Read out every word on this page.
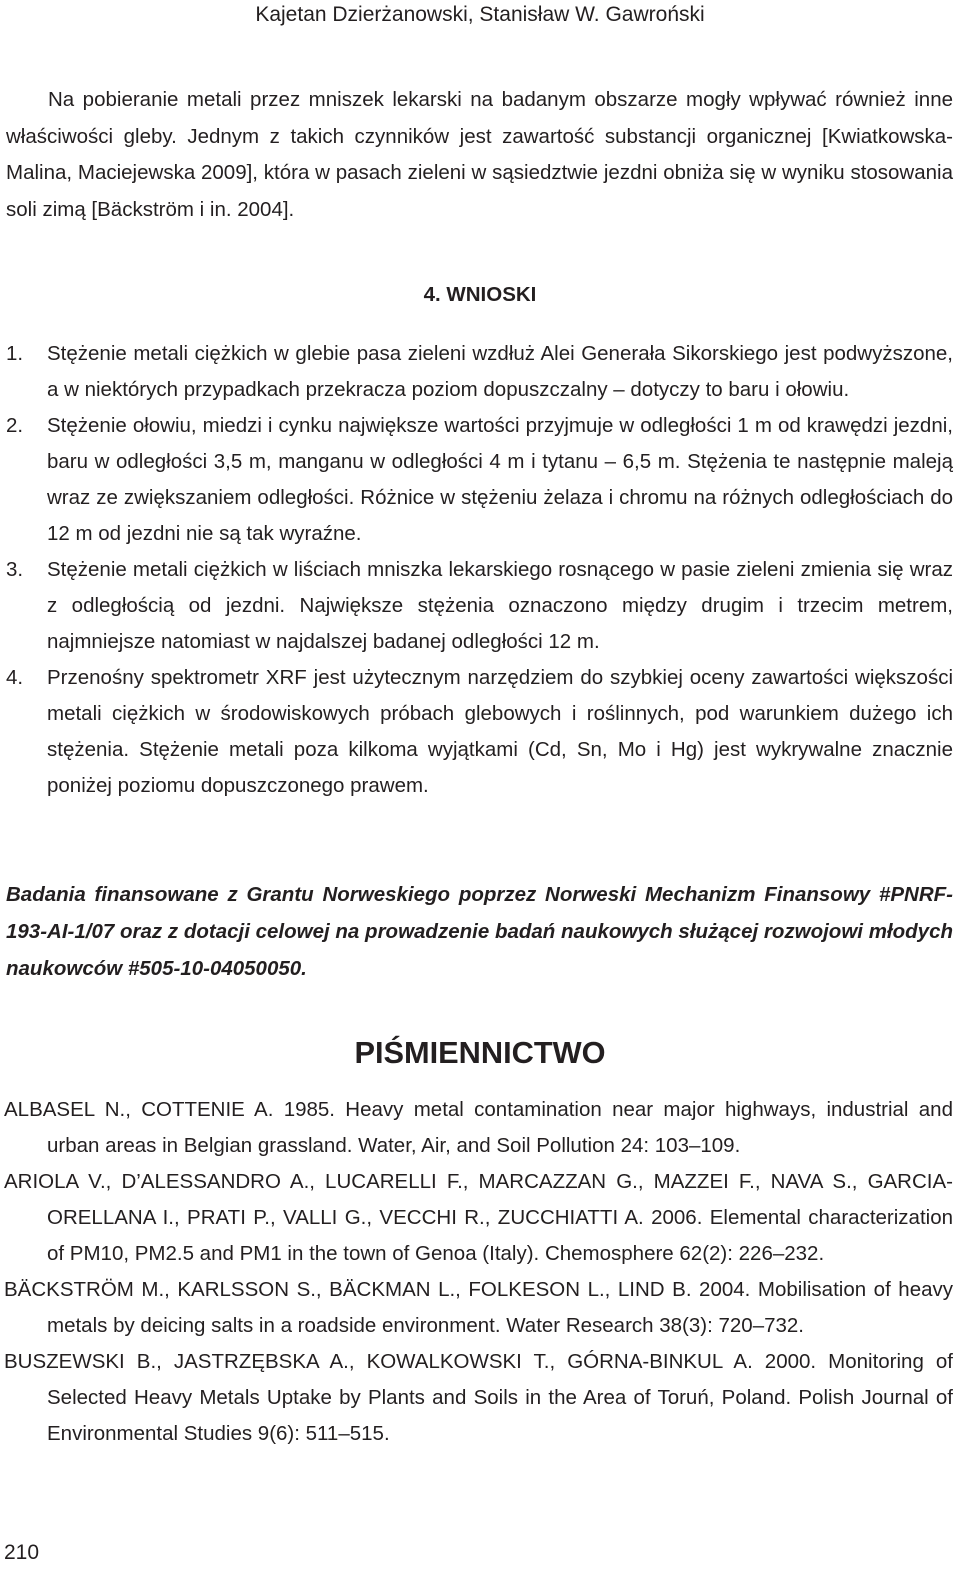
Kajetan Dzierżanowski, Stanisław W. Gawroński

Na pobieranie metali przez mniszek lekarski na badanym obszarze mogły wpływać również inne właściwości gleby. Jednym z takich czynników jest zawartość substancji organicznej [Kwiatkowska-Malina, Maciejewska 2009], która w pasach zieleni w sąsiedztwie jezdni obniża się w wyniku stosowania soli zimą [Bäckström i in. 2004].

4. WNIOSKI
1. Stężenie metali ciężkich w glebie pasa zieleni wzdłuż Alei Generała Sikorskiego jest podwyższone, a w niektórych przypadkach przekracza poziom dopuszczalny – dotyczy to baru i ołowiu.
2. Stężenie ołowiu, miedzi i cynku największe wartości przyjmuje w odległości 1 m od krawędzi jezdni, baru w odległości 3,5 m, manganu w odległości 4 m i tytanu – 6,5 m. Stężenia te następnie maleją wraz ze zwiększaniem odległości. Różnice w stężeniu żelaza i chromu na różnych odległościach do 12 m od jezdni nie są tak wyraźne.
3. Stężenie metali ciężkich w liściach mniszka lekarskiego rosnącego w pasie zieleni zmienia się wraz z odległością od jezdni. Największe stężenia oznaczono między drugim i trzecim metrem, najmniejsze natomiast w najdalszej badanej odległości 12 m.
4. Przenośny spektrometr XRF jest użytecznym narzędziem do szybkiej oceny zawartości większości metali ciężkich w środowiskowych próbach glebowych i roślinnych, pod warunkiem dużego ich stężenia. Stężenie metali poza kilkoma wyjątkami (Cd, Sn, Mo i Hg) jest wykrywalne znacznie poniżej poziomu dopuszczonego prawem.

Badania finansowane z Grantu Norweskiego poprzez Norweski Mechanizm Finansowy #PNRF-193-AI-1/07 oraz z dotacji celowej na prowadzenie badań naukowych służącej rozwojowi młodych naukowców #505-10-04050050.

PIŚMIENNICTWO
ALBASEL N., COTTENIE A. 1985. Heavy metal contamination near major highways, industrial and urban areas in Belgian grassland. Water, Air, and Soil Pollution 24: 103–109.
ARIOLA V., D’ALESSANDRO A., LUCARELLI F., MARCAZZAN G., MAZZEI F., NAVA S., GARCIA-ORELLANA I., PRATI P., VALLI G., VECCHI R., ZUCCHIATTI A. 2006. Elemental characterization of PM10, PM2.5 and PM1 in the town of Genoa (Italy). Chemosphere 62(2): 226–232.
BÄCKSTRÖM M., KARLSSON S., BÄCKMAN L., FOLKESON L., LIND B. 2004. Mobilisation of heavy metals by deicing salts in a roadside environment. Water Research 38(3): 720–732.
BUSZEWSKI B., JASTRZĘBSKA A., KOWALKOWSKI T., GÓRNA-BINKUL A. 2000. Monitoring of Selected Heavy Metals Uptake by Plants and Soils in the Area of Toruń, Poland. Polish Journal of Environmental Studies 9(6): 511–515.
210
